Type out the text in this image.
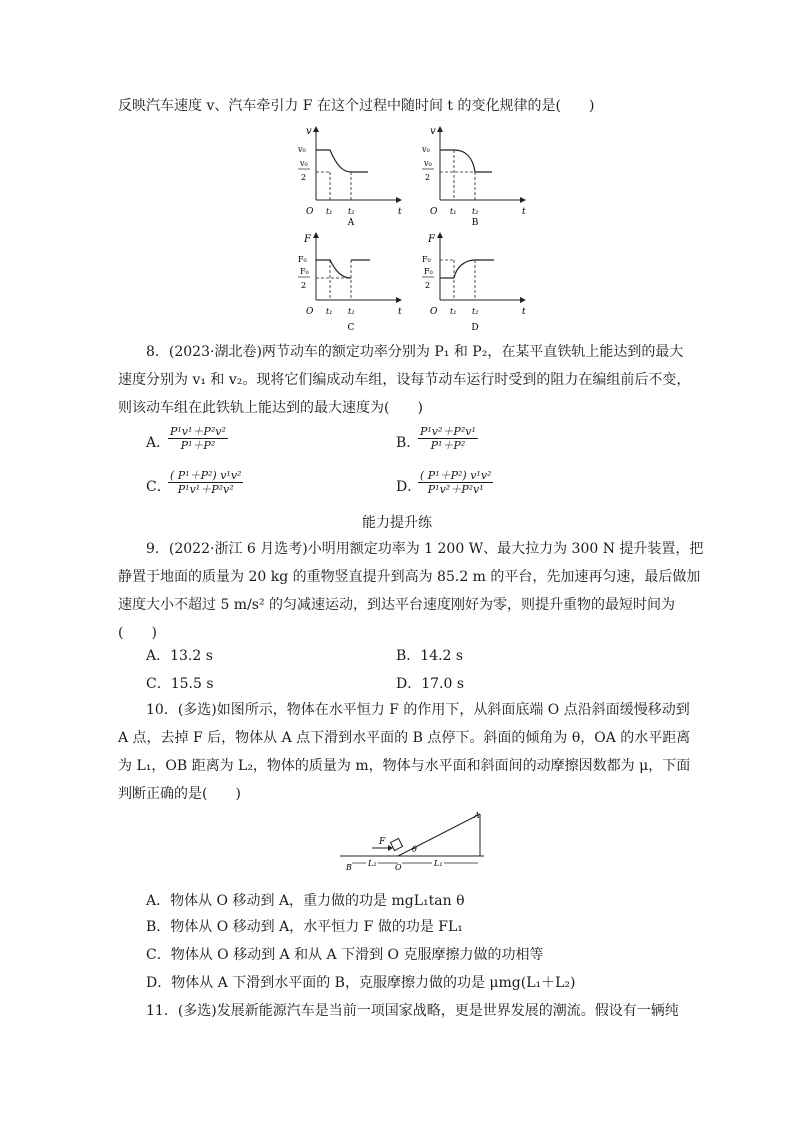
反映汽车速度 v、汽车牵引力 F 在这个过程中随时间 t 的变化规律的是(　　)
v
v₀
v₀
2
O t₁ t₂	t
A
v
v₀
v₀
2
O t₁ t₂	t
B
F
F₀
F₀
2
O t₁ t₂	t
C
F
F₀
F₀
2
O t₁ t₂	t
D
8．(2023·湖北卷)两节动车的额定功率分别为 P₁ 和 P₂，在某平直铁轨上能达到的最大
速度分别为 v₁ 和 v₂。现将它们编成动车组，设每节动车运行时受到的阻力在编组前后不变，
则该动车组在此铁轨上能达到的最大速度为(　　)
A．
$\frac{\text{P¹v¹＋P²v²}}{\text{P¹＋P²}}$	B．
$\frac{\text{P¹v²＋P²v¹}}{\text{P¹＋P²}}$
C．
$\frac{\text{( P¹＋P²) v¹v²}}{\text{P¹v¹＋P²v²}}$	D．
$\frac{\text{( P¹＋P²) v¹v²}}{\text{P¹v²＋P²v¹}}$
能力提升练
9．(2022·浙江 6 月选考)小明用额定功率为 1 200 W、最大拉力为 300 N 提升装置，把
静置于地面的质量为 20 kg 的重物竖直提升到高为 85.2 m 的平台，先加速再匀速，最后做加
速度大小不超过 5 m/s² 的匀减速运动，到达平台速度刚好为零，则提升重物的最短时间为
(　　)
A．13.2 s	B．14.2 s
C．15.5 s	D．17.0 s
10．(多选)如图所示，物体在水平恒力 F 的作用下，从斜面底端 O 点沿斜面缓慢移动到
A 点，去掉 F 后，物体从 A 点下滑到水平面的 B 点停下。斜面的倾角为 θ，OA 的水平距离
为 L₁，OB 距离为 L₂，物体的质量为 m，物体与水平面和斜面间的动摩擦因数都为 μ，下面
判断正确的是(　　)
F
θ
A
B	O
L₂	L₁
A．物体从 O 移动到 A，重力做的功是 mgL₁tan θ
B．物体从 O 移动到 A，水平恒力 F 做的功是 FL₁
C．物体从 O 移动到 A 和从 A 下滑到 O 克服摩擦力做的功相等
D．物体从 A 下滑到水平面的 B，克服摩擦力做的功是 μmg(L₁＋L₂)
11．(多选)发展新能源汽车是当前一项国家战略，更是世界发展的潮流。假设有一辆纯
